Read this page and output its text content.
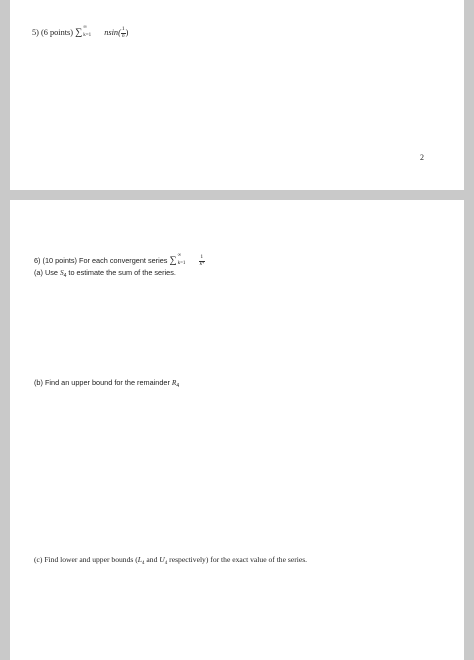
5) (6 points) ∑ ∞
k=1 $nsin( \frac{1}{n}$ )
2
6) (10 points) For each convergent series ∑ ∞
$k=1 \frac{1}{\text{k⁴}}$
(a) Use $S_4$ to estimate the sum of the series.
(b) Find an upper bound for the remainder $R_4$
(c) Find lower and upper bounds ($L_4$ and $U_4$ respectively) for the exact value of the series.
